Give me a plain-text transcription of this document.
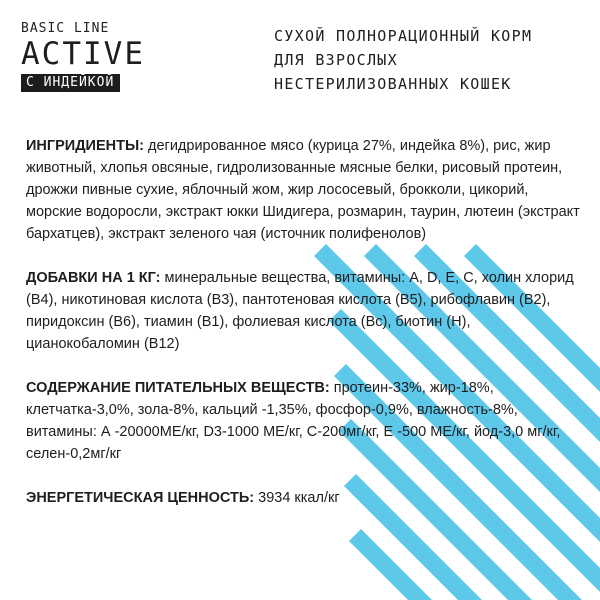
BASIC LINE
ACTIVE
С ИНДЕЙКОЙ
СУХОЙ ПОЛНОРАЦИОННЫЙ КОРМ
ДЛЯ ВЗРОСЛЫХ
НЕСТЕРИЛИЗОВАННЫХ КОШЕК

ИНГРИДИЕНТЫ: дегидрированное мясо (курица 27%, индейка 8%), рис, жир животный, хлопья овсяные, гидролизованные мясные белки, рисовый протеин, дрожжи пивные сухие, яблочный жом, жир лососевый, брокколи, цикорий, морские водоросли, экстракт юкки Шидигера, розмарин, таурин, лютеин (экстракт бархатцев), экстракт зеленого чая (источник полифенолов)

ДОБАВКИ НА 1 КГ: минеральные вещества, витамины: A, D, E, C, холин хлорид (B4), никотиновая кислота (B3), пантотеновая кислота (B5), рибофлавин (B2), пиридоксин (B6), тиамин (B1), фолиевая кислота (Bc), биотин (H), цианокобаломин (B12)

СОДЕРЖАНИЕ ПИТАТЕЛЬНЫХ ВЕЩЕСТВ: протеин-33%, жир-18%, клетчатка-3,0%, зола-8%, кальций -1,35%, фосфор-0,9%, влажность-8%, витамины: А -20000МЕ/кг, D3-1000 МЕ/кг, С-200мг/кг, Е -500 МЕ/кг, йод-3,0 мг/кг, селен-0,2мг/кг

ЭНЕРГЕТИЧЕСКАЯ ЦЕННОСТЬ: 3934 ккал/кг
